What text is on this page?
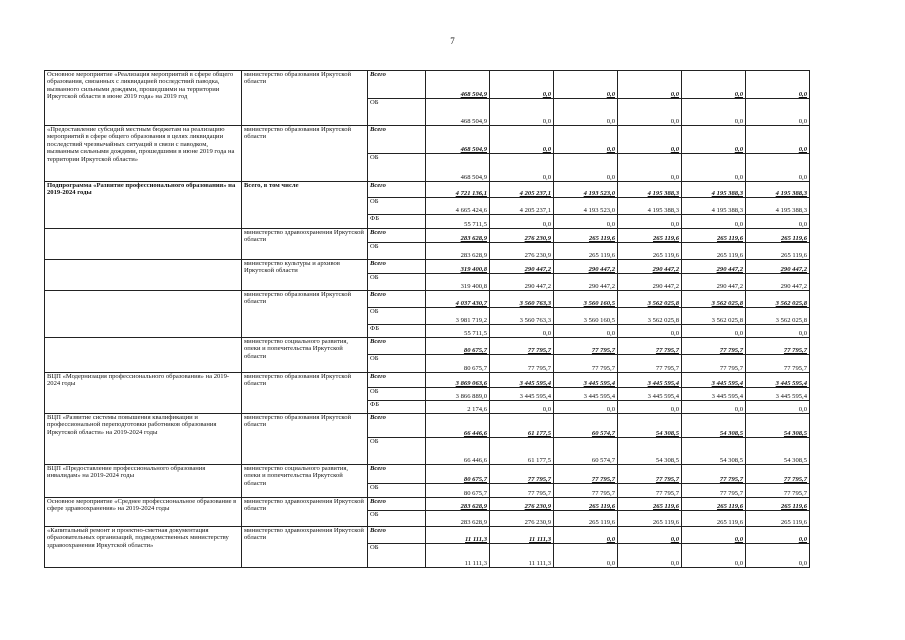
7
Основное мероприятие «Реализация мероприятий в сфере общего образования, связанных с ликвидацией последствий паводка, вызванного сильными дождями, прошедшими на территории Иркутской области в июне 2019 года» на 2019 год	министерство образования Иркутской области	Всего	468 504,9	0,0	0,0	0,0	0,0	0,0
		ОБ	468 504,9	0,0	0,0	0,0	0,0	0,0
«Предоставление субсидий местным бюджетам на реализацию мероприятий в сфере общего образования в целях ликвидации последствий чрезвычайных ситуаций в связи с паводком, вызванным сильными дождями, прошедшими в июне 2019 года на территории Иркутской области»	министерство образования Иркутской области	Всего	468 504,9	0,0	0,0	0,0	0,0	0,0
		ОБ	468 504,9	0,0	0,0	0,0	0,0	0,0
Подпрограмма «Развитие профессионального образования» на 2019-2024 годы	Всего, в том числе	Всего	4 721 136,1	4 205 237,1	4 193 523,0	4 195 388,3	4 195 388,3	4 195 388,3
		ОБ	4 665 424,6	4 205 237,1	4 193 523,0	4 195 388,3	4 195 388,3	4 195 388,3
		ФБ	55 711,5	0,0	0,0	0,0	0,0	0,0
	министерство здравоохранения Иркутской области	Всего	283 628,9	276 230,9	265 119,6	265 119,6	265 119,6	265 119,6
		ОБ	283 628,9	276 230,9	265 119,6	265 119,6	265 119,6	265 119,6
	министерство культуры и архивов Иркутской области	Всего	319 400,8	290 447,2	290 447,2	290 447,2	290 447,2	290 447,2
		ОБ	319 400,8	290 447,2	290 447,2	290 447,2	290 447,2	290 447,2
	министерство образования Иркутской области	Всего	4 037 430,7	3 560 763,3	3 560 160,5	3 562 025,8	3 562 025,8	3 562 025,8
		ОБ	3 981 719,2	3 560 763,3	3 560 160,5	3 562 025,8	3 562 025,8	3 562 025,8
		ФБ	55 711,5	0,0	0,0	0,0	0,0	0,0
	министерство социального развития, опеки и попечительства Иркутской области	Всего	80 675,7	77 795,7	77 795,7	77 795,7	77 795,7	77 795,7
		ОБ	80 675,7	77 795,7	77 795,7	77 795,7	77 795,7	77 795,7
ВЦП «Модернизация профессионального образования» на 2019-2024 годы	министерство образования Иркутской области	Всего	3 869 063,6	3 445 595,4	3 445 595,4	3 445 595,4	3 445 595,4	3 445 595,4
		ОБ	3 866 889,0	3 445 595,4	3 445 595,4	3 445 595,4	3 445 595,4	3 445 595,4
		ФБ	2 174,6	0,0	0,0	0,0	0,0	0,0
ВЦП «Развитие системы повышения квалификации и профессиональной переподготовки работников образования Иркутской области» на 2019-2024 годы	министерство образования Иркутской области	Всего	66 446,6	61 177,5	60 574,7	54 308,5	54 308,5	54 308,5
		ОБ	66 446,6	61 177,5	60 574,7	54 308,5	54 308,5	54 308,5
ВЦП «Предоставление профессионального образования инвалидам» на 2019-2024 годы	министерство социального развития, опеки и попечительства Иркутской области	Всего	80 675,7	77 795,7	77 795,7	77 795,7	77 795,7	77 795,7
		ОБ	80 675,7	77 795,7	77 795,7	77 795,7	77 795,7	77 795,7
Основное мероприятие «Среднее профессиональное образование в сфере здравоохранения» на 2019-2024 годы	министерство здравоохранения Иркутской области	Всего	283 628,9	276 230,9	265 119,6	265 119,6	265 119,6	265 119,6
		ОБ	283 628,9	276 230,9	265 119,6	265 119,6	265 119,6	265 119,6
«Капитальный ремонт и проектно-сметная документация образовательных организаций, подведомственных министерству здравоохранения Иркутской области»	министерство здравоохранения Иркутской области	Всего	11 111,3	11 111,3	0,0	0,0	0,0	0,0
		ОБ	11 111,3	11 111,3	0,0	0,0	0,0	0,0
